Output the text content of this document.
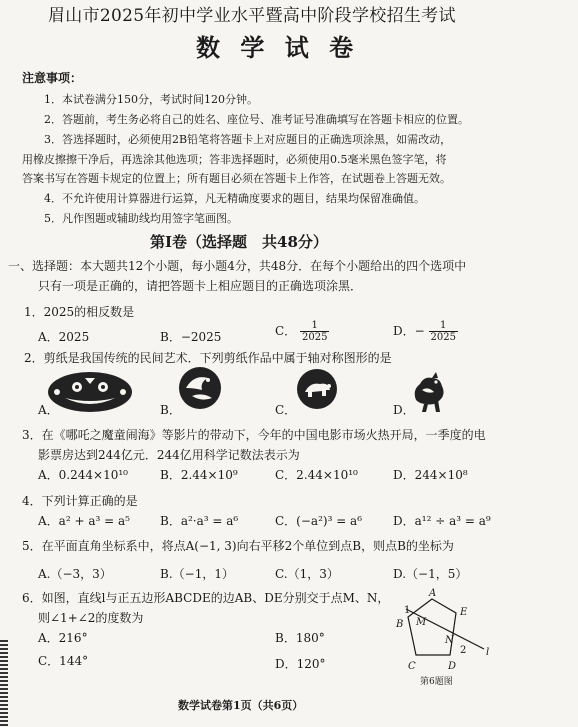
眉山市2025年初中学业水平暨高中阶段学校招生考试
数 学 试 卷
注意事项：
1．本试卷满分150分，考试时间120分钟。
2．答题前，考生务必将自己的姓名、座位号、准考证号准确填写在答题卡相应的位置。
3．答选择题时，必须使用2B铅笔将答题卡上对应题目的正确选项涂黑，如需改动，
用橡皮擦擦干净后，再选涂其他选项；答非选择题时，必须使用0.5毫米黑色签字笔，将
答案书写在答题卡规定的位置上；所有题目必须在答题卡上作答，在试题卷上答题无效。
4．不允许使用计算器进行运算，凡无精确度要求的题目，结果均保留准确值。
5．凡作图题或辅助线均用签字笔画图。
第Ⅰ卷（选择题　共48分）
一、选择题：本大题共12个小题，每小题4分，共48分．在每个小题给出的四个选项中
只有一项是正确的，请把答题卡上相应题目的正确选项涂黑．
1．2025的相反数是
A．2025	B．−2025	C． $\frac{1}{2025}$	D．− $\frac{1}{2025}$
2．剪纸是我国传统的民间艺术．下列剪纸作品中属于轴对称图形的是
A．	B．	C．	D．
3．在《哪吒之魔童闹海》等影片的带动下，今年的中国电影市场火热开局，一季度的电
影票房达到244亿元．244亿用科学记数法表示为
A．0.244×10¹⁰	B．2.44×10⁹	C．2.44×10¹⁰	D．244×10⁸
4．下列计算正确的是
A．a² + a³ = a⁵	B．a²·a³ = a⁶	C．(−a²)³ = a⁶	D．a¹² ÷ a³ = a⁹
5．在平面直角坐标系中，将点A(−1, 3)向右平移2个单位到点B，则点B的坐标为
A.（−3，3）	B.（−1，1）	C.（1，3）	D.（−1，5）
6．如图，直线l与正五边形ABCDE的边AB、DE分别交于点M、N，
则∠1+∠2的度数为
A．216°	B．180°
C．144°	D．120°
A
B
C	D
E
M
N
l
1
2
第6题图
数学试卷第1页（共6页）
